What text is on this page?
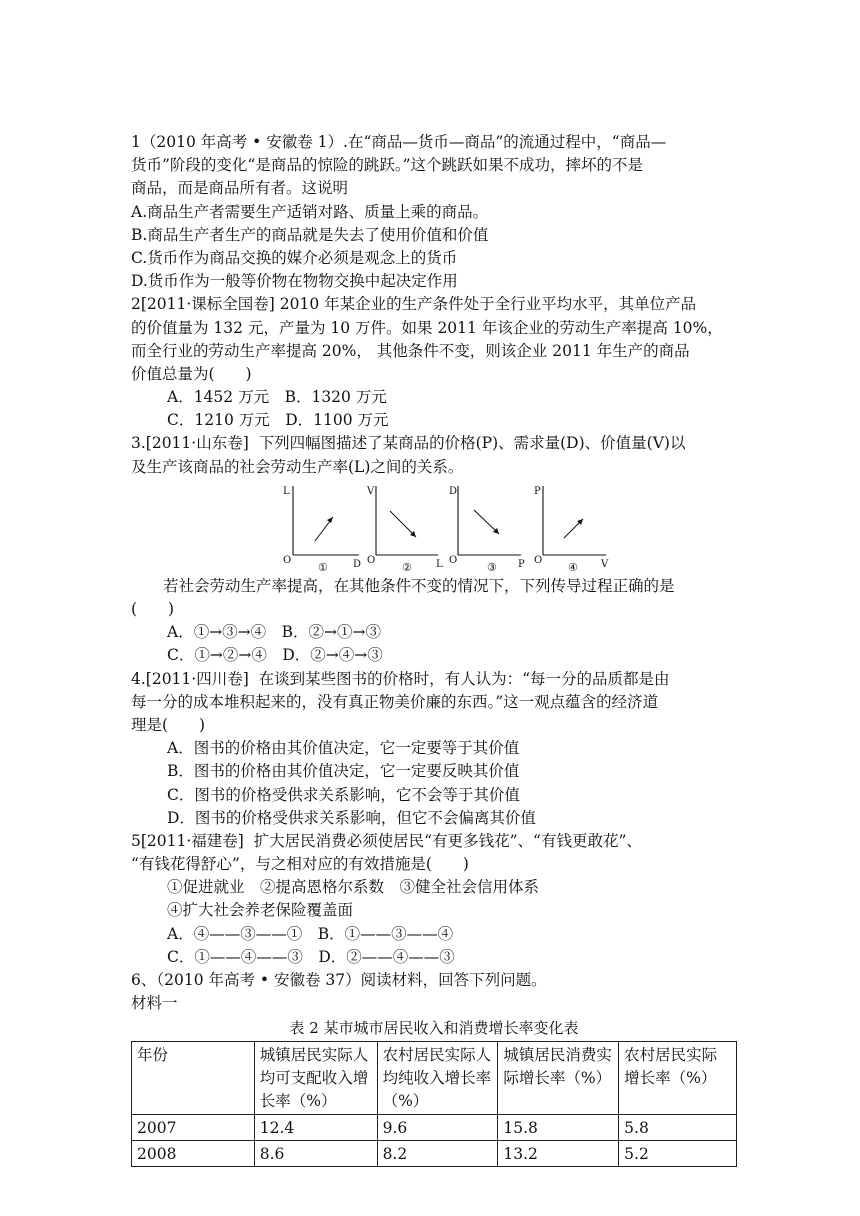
1（2010 年高考 • 安徽卷 1）.在“商品—货币—商品”的流通过程中，“商品—
货币”阶段的变化“是商品的惊险的跳跃。”这个跳跃如果不成功，摔坏的不是
商品，而是商品所有者。这说明
A.商品生产者需要生产适销对路、质量上乘的商品。
B.商品生产者生产的商品就是失去了使用价值和价值
C.货币作为商品交换的媒介必须是观念上的货币
D.货币作为一般等价物在物物交换中起决定作用
2[2011·课标全国卷] 2010 年某企业的生产条件处于全行业平均水平，其单位产品
的价值量为 132 元，产量为 10 万件。如果 2011 年该企业的劳动生产率提高 10%，
而全行业的劳动生产率提高 20%， 其他条件不变，则该企业 2011 年生产的商品
价值总量为(　　)
A．1452 万元　B．1320 万元
C．1210 万元　D．1100 万元
3.[2011·山东卷]  下列四幅图描述了某商品的价格(P)、需求量(D)、价值量(V)以
及生产该商品的社会劳动生产率(L)之间的关系。
L
O	D
①
V
O	L
②
D
O	P
③
P
O	V
④
若社会劳动生产率提高，在其他条件不变的情况下，下列传导过程正确的是
(　　)
A．①→③→④　B．②→①→③
C．①→②→④　D．②→④→③
4.[2011·四川卷]  在谈到某些图书的价格时，有人认为：“每一分的品质都是由
每一分的成本堆积起来的，没有真正物美价廉的东西。”这一观点蕴含的经济道
理是(　　)
A．图书的价格由其价值决定，它一定要等于其价值
B．图书的价格由其价值决定，它一定要反映其价值
C．图书的价格受供求关系影响，它不会等于其价值
D．图书的价格受供求关系影响，但它不会偏离其价值
5[2011·福建卷]  扩大居民消费必须使居民“有更多钱花”、“有钱更敢花”、
“有钱花得舒心”，与之相对应的有效措施是(　　)
①促进就业　②提高恩格尔系数　③健全社会信用体系
④扩大社会养老保险覆盖面
A．④——③——①　B．①——③——④
C．①——④——③　D．②——④——③
6、（2010 年高考 • 安徽卷 37）阅读材料，回答下列问题。
材料一
表 2 某市城市居民收入和消费增长率变化表
年份	城镇居民实际人均可支配收入增长率（%）	农村居民实际人均纯收入增长率（%）	城镇居民消费实际增长率（%）	农村居民实际增长率（%）
2007	12.4	9.6	15.8	5.8
2008	8.6	8.2	13.2	5.2
